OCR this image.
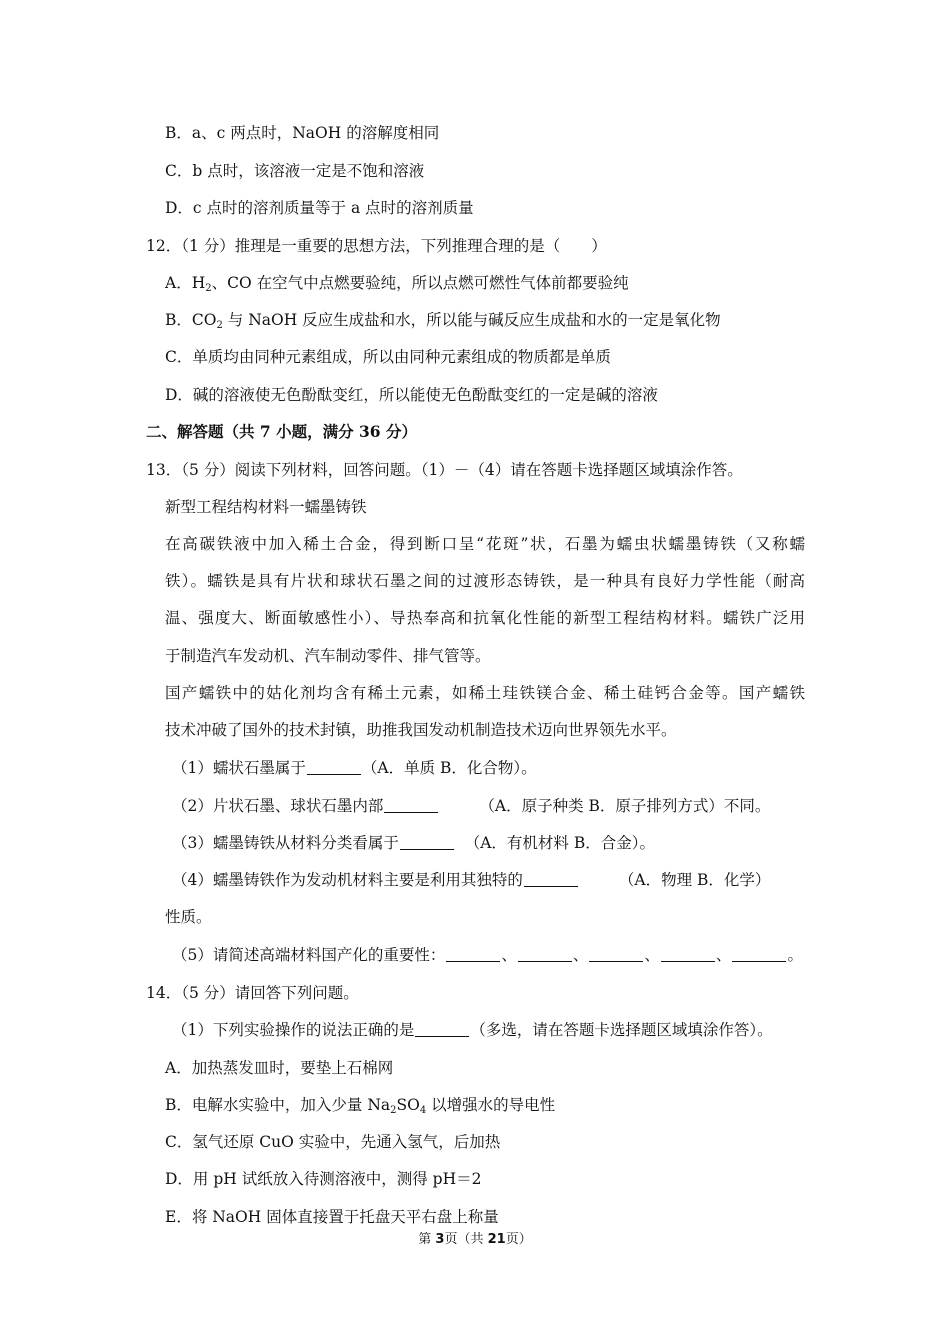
B．a、c 两点时，NaOH 的溶解度相同
C．b 点时，该溶液一定是不饱和溶液
D．c 点时的溶剂质量等于 a 点时的溶剂质量
12．（1 分）推理是一重要的思想方法，下列推理合理的是（　　）
A．$H_2$、CO 在空气中点燃要验纯，所以点燃可燃性气体前都要验纯
B．$CO_2$ 与 NaOH 反应生成盐和水，所以能与碱反应生成盐和水的一定是氧化物
C．单质均由同种元素组成，所以由同种元素组成的物质都是单质
D．碱的溶液使无色酚酞变红，所以能使无色酚酞变红的一定是碱的溶液
二、解答题（共 7 小题，满分 36 分）
13．（5 分）阅读下列材料，回答问题。（1）－（4）请在答题卡选择题区域填涂作答。
新型工程结构材料一蠕墨铸铁
在高碳铁液中加入稀土合金，得到断口呈“花斑”状，石墨为蠕虫状蠕墨铸铁（又称蠕
铁）。蠕铁是具有片状和球状石墨之间的过渡形态铸铁，是一种具有良好力学性能（耐高
温、强度大、断面敏感性小）、导热奉高和抗氧化性能的新型工程结构材料。蠕铁广泛用
于制造汽车发动机、汽车制动零件、排气管等。
国产蠕铁中的姑化剂均含有稀土元素，如稀土珪铁镁合金、稀土硅钙合金等。国产蠕铁
技术冲破了国外的技术封镇，助推我国发动机制造技术迈向世界领先水平。
（1）蠕状石墨属于	（A．单质 B．化合物）。
（2）片状石墨、球状石墨内部	（A．原子种类 B．原子排列方式）不同。
（3）蠕墨铸铁从材料分类看属于	（A．有机材料 B．合金）。
（4）蠕墨铸铁作为发动机材料主要是利用其独特的	（A．物理 B．化学）
性质。
（5）请简述高端材料国产化的重要性：	、	、	、	、	。
14．（5 分）请回答下列问题。
（1）下列实验操作的说法正确的是	（多选，请在答题卡选择题区域填涂作答）。
A．加热蒸发皿时，要垫上石棉网
B．电解水实验中，加入少量 $Na_2SO_4$ 以增强水的导电性
C．氢气还原 CuO 实验中，先通入氢气，后加热
D．用 pH 试纸放入待测溶液中，测得 pH＝2
E．将 NaOH 固体直接置于托盘天平右盘上称量
第 3页（共 21页）
